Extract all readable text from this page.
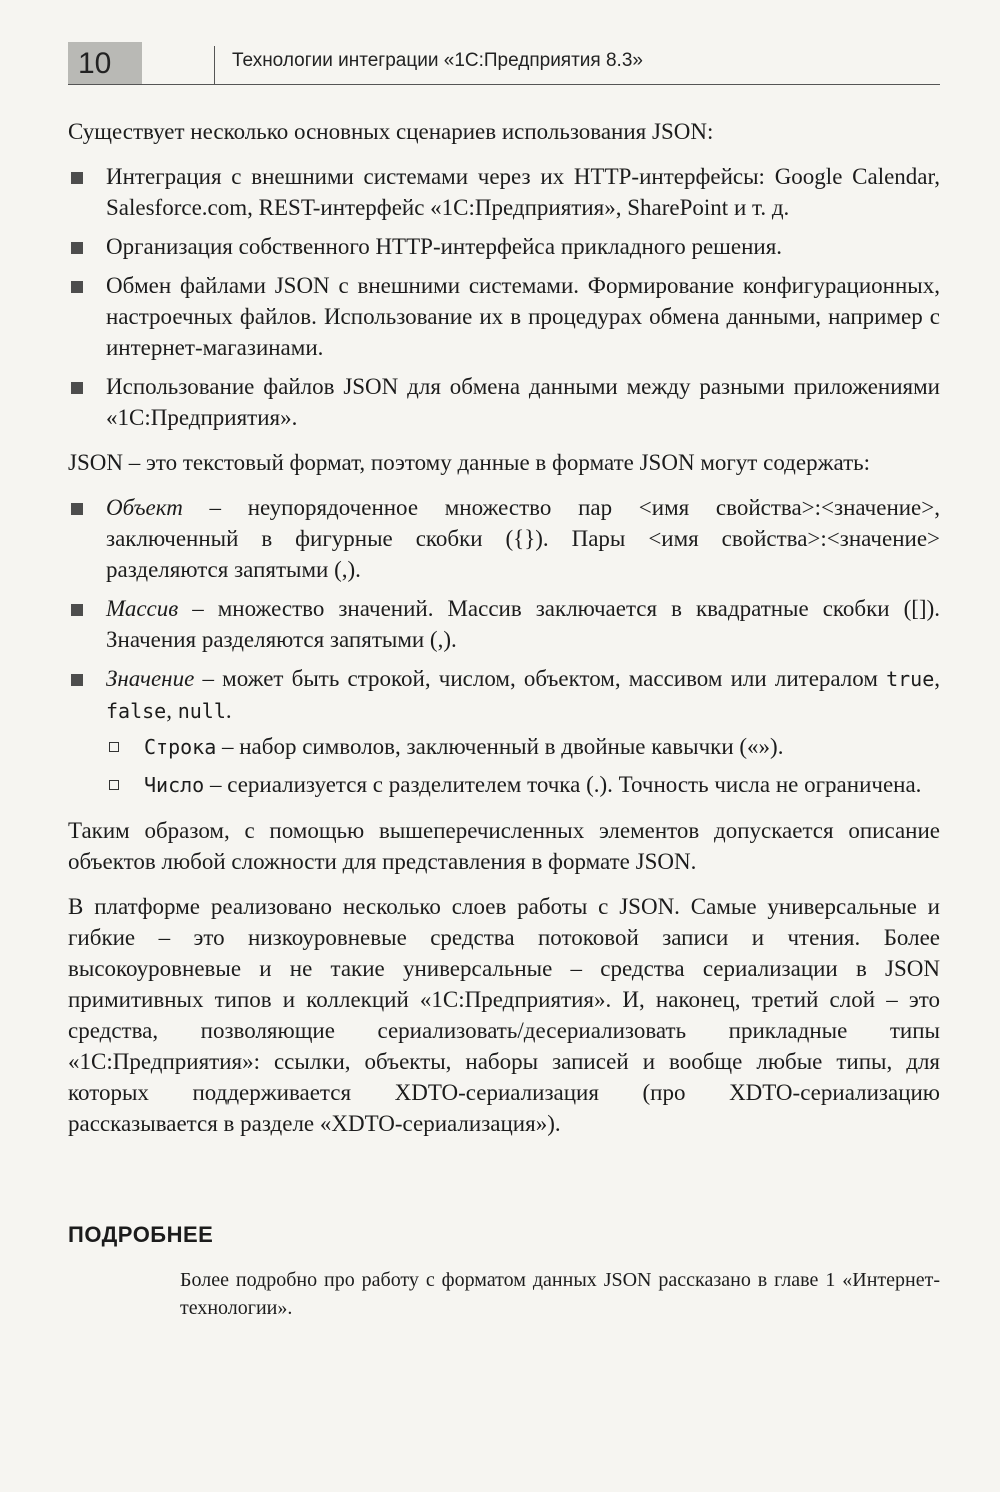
10	Технологии интеграции «1С:Предприятия 8.3»

Существует несколько основных сценариев использования JSON:

Интеграция с внешними системами через их HTTP-интерфейсы: Google Calendar, Salesforce.com, REST-интерфейс «1С:Предприятия», SharePoint и т. д.
Организация собственного HTTP-интерфейса прикладного решения.
Обмен файлами JSON с внешними системами. Формирование конфигурационных, настроечных файлов. Использование их в процедурах обмена данными, например с интернет-магазинами.
Использование файлов JSON для обмена данными между разными приложениями «1С:Предприятия».

JSON – это текстовый формат, поэтому данные в формате JSON могут содержать:

Объект – неупорядоченное множество пар <имя свойства>:<значение>, заключенный в фигурные скобки ({}). Пары <имя свойства>:<значение> разделяются запятыми (,).
Массив – множество значений. Массив заключается в квадратные скобки ([]). Значения разделяются запятыми (,).
Значение – может быть строкой, числом, объектом, массивом или литералом true, false, null.
Строка – набор символов, заключенный в двойные кавычки («»).
Число – сериализуется с разделителем точка (.). Точность числа не ограничена.

Таким образом, с помощью вышеперечисленных элементов допускается описание объектов любой сложности для представления в формате JSON.

В платформе реализовано несколько слоев работы с JSON. Самые универсальные и гибкие – это низкоуровневые средства потоковой записи и чтения. Более высокоуровневые и не такие универсальные – средства сериализации в JSON примитивных типов и коллекций «1С:Предприятия». И, наконец, третий слой – это средства, позволяющие сериализовать/десериализовать прикладные типы «1С:Предприятия»: ссылки, объекты, наборы записей и вообще любые типы, для которых поддерживается XDTO-сериализация (про XDTO-сериализацию рассказывается в разделе «XDTO-сериализация»).

ПОДРОБНЕЕ
Более подробно про работу с форматом данных JSON рассказано в главе 1 «Интернет-технологии».
